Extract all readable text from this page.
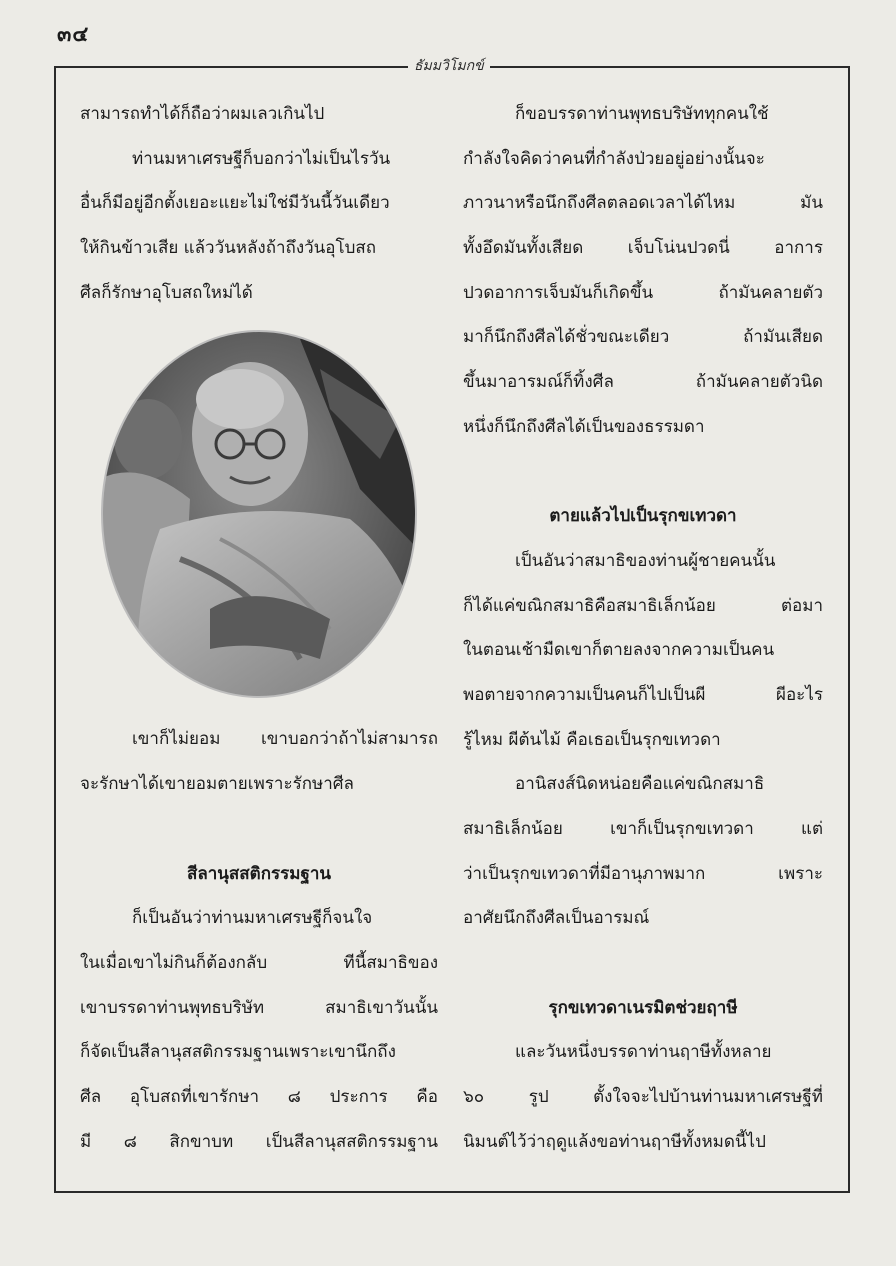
๓๔
ธัมมวิโมกข์
สามารถทำได้ก็ถือว่าผมเลวเกินไป
ท่านมหาเศรษฐีก็บอกว่าไม่เป็นไรวัน
อื่นก็มีอยู่อีกตั้งเยอะแยะไม่ใช่มีวันนี้วันเดียว
ให้กินข้าวเสีย แล้ววันหลังถ้าถึงวันอุโบสถ
ศีลก็รักษาอุโบสถใหม่ได้
เขาก็ไม่ยอม เขาบอกว่าถ้าไม่สามารถ
จะรักษาได้เขายอมตายเพราะรักษาศีล
สีลานุสสติกรรมฐาน
ก็เป็นอันว่าท่านมหาเศรษฐีก็จนใจ
ในเมื่อเขาไม่กินก็ต้องกลับ	ทีนี้สมาธิของ
เขาบรรดาท่านพุทธบริษัท	สมาธิเขาวันนั้น
ก็จัดเป็นสีลานุสสติกรรมฐานเพราะเขานึกถึง
ศีล อุโบสถที่เขารักษา ๘ ประการ คือ
มี ๘ สิกขาบท เป็นสีลานุสสติกรรมฐาน
ก็ขอบรรดาท่านพุทธบริษัททุกคนใช้
กำลังใจคิดว่าคนที่กำลังป่วยอยู่อย่างนั้นจะ
ภาวนาหรือนึกถึงศีลตลอดเวลาได้ไหม	มัน
ทั้งอึดมันทั้งเสียด	เจ็บโน่นปวดนี่	อาการ
ปวดอาการเจ็บมันก็เกิดขึ้น	ถ้ามันคลายตัว
มาก็นึกถึงศีลได้ชั่วขณะเดียว	ถ้ามันเสียด
ขึ้นมาอารมณ์ก็ทิ้งศีล	ถ้ามันคลายตัวนิด
หนึ่งก็นึกถึงศีลได้เป็นของธรรมดา
ตายแล้วไปเป็นรุกขเทวดา
เป็นอันว่าสมาธิของท่านผู้ชายคนนั้น
ก็ได้แค่ขณิกสมาธิคือสมาธิเล็กน้อย	ต่อมา
ในตอนเช้ามืดเขาก็ตายลงจากความเป็นคน
พอตายจากความเป็นคนก็ไปเป็นผี	ผีอะไร
รู้ไหม ผีต้นไม้ คือเธอเป็นรุกขเทวดา
อานิสงส์นิดหน่อยคือแค่ขณิกสมาธิ
สมาธิเล็กน้อย	เขาก็เป็นรุกขเทวดา	แต่
ว่าเป็นรุกขเทวดาที่มีอานุภาพมาก	เพราะ
อาศัยนึกถึงศีลเป็นอารมณ์
รุกขเทวดาเนรมิตช่วยฤาษี
และวันหนึ่งบรรดาท่านฤาษีทั้งหลาย
๖๐	รูป	ตั้งใจจะไปบ้านท่านมหาเศรษฐีที่
นิมนต์ไว้ว่าฤดูแล้งขอท่านฤาษีทั้งหมดนี้ไป
